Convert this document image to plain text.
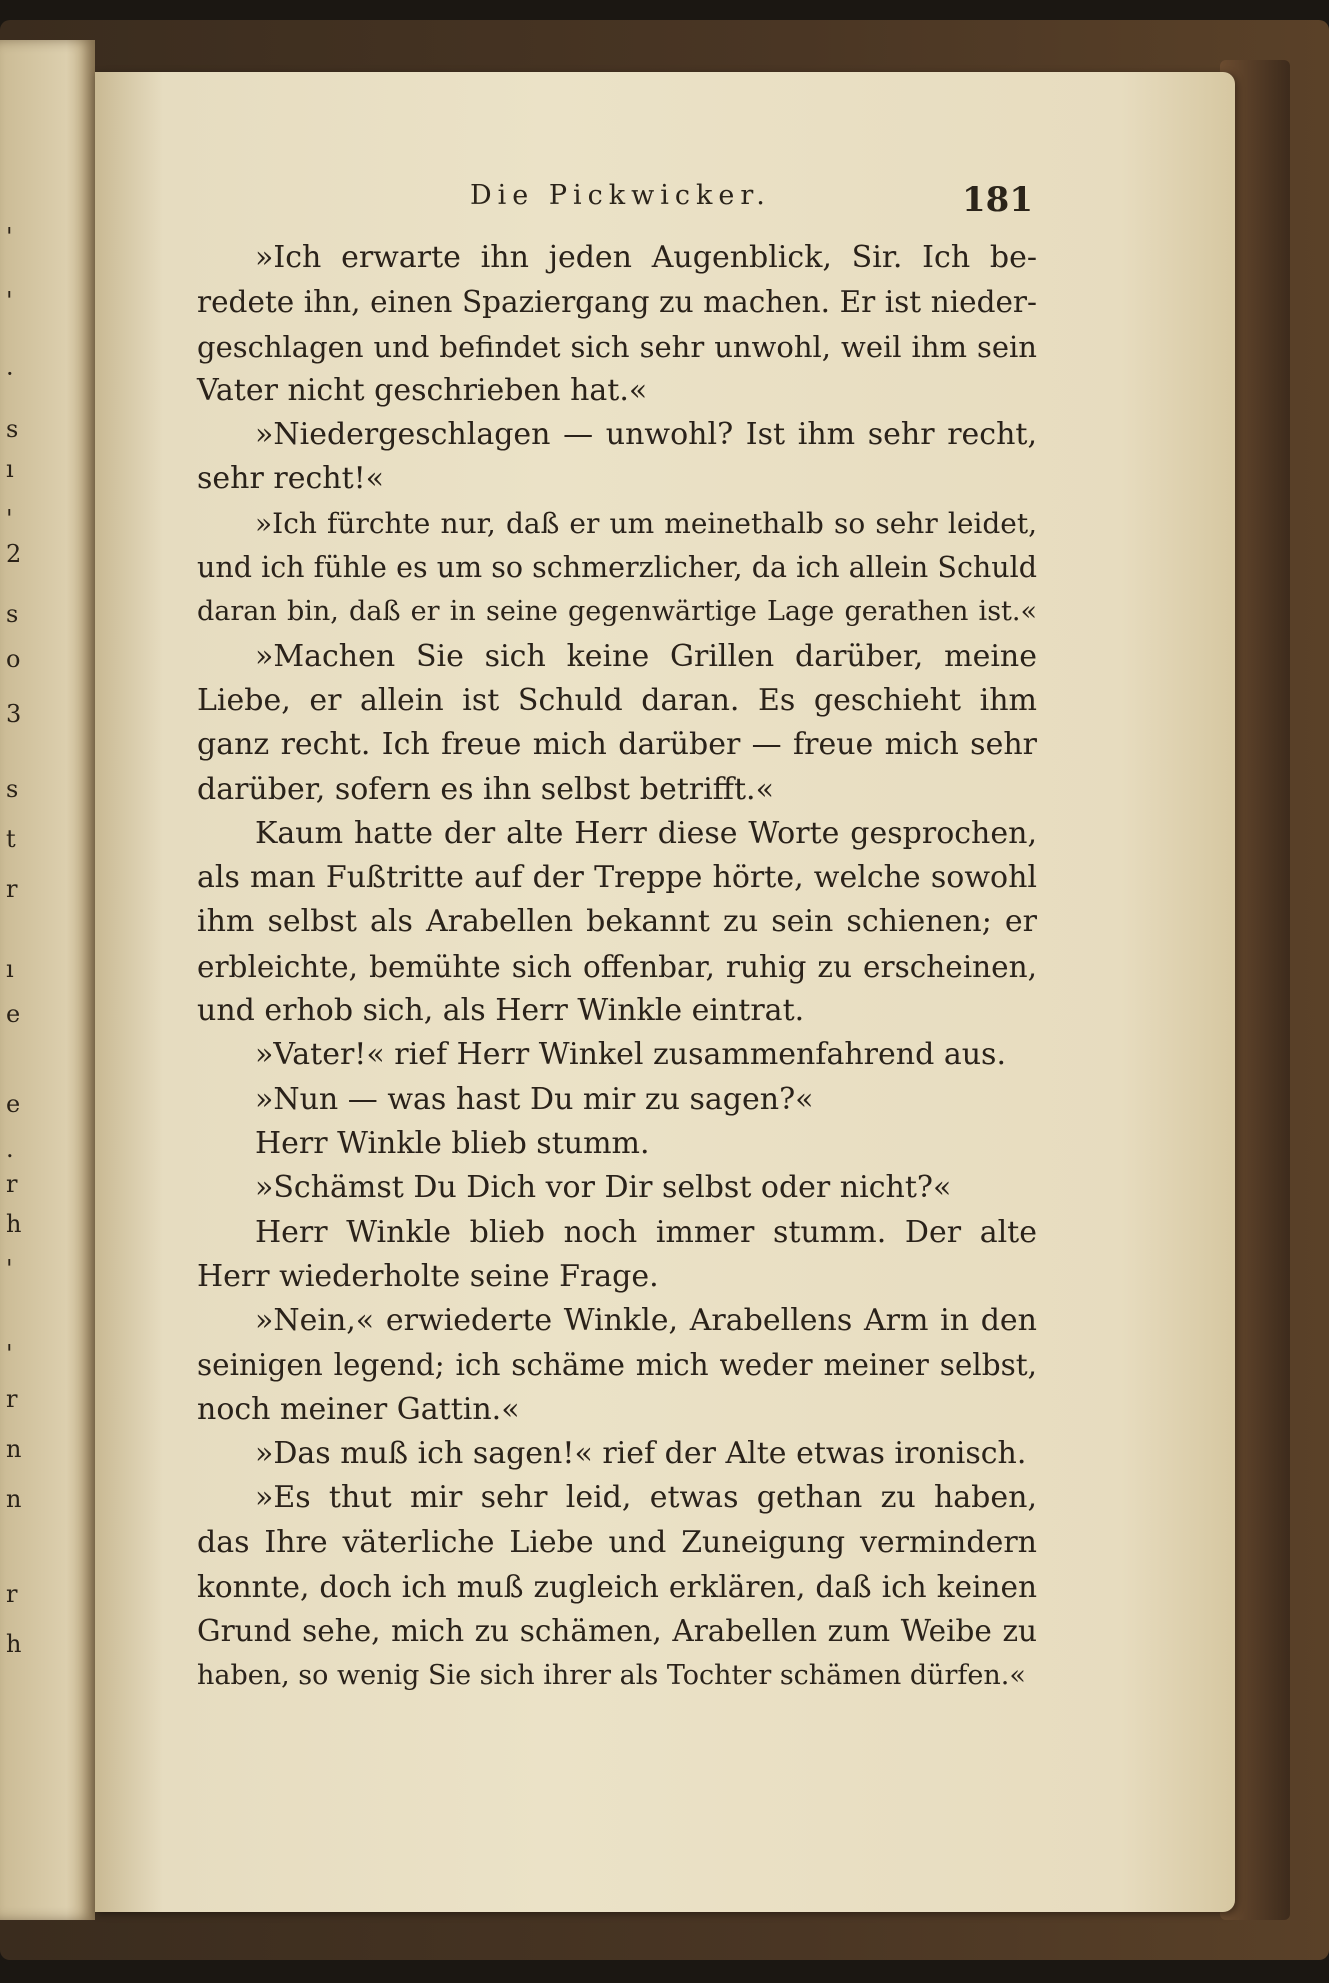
'
'
·
s
ı
'
2
s
o
3
s
t
r
ı
e
e
.
r
h
'
'
r
n
n
r
h
Die Pickwicker.	181
»Ich erwarte ihn jeden Augenblick, Sir. Ich be-
redete ihn, einen Spaziergang zu machen. Er ist nieder-
geschlagen und befindet sich sehr unwohl, weil ihm sein
Vater nicht geschrieben hat.«
»Niedergeschlagen — unwohl? Ist ihm sehr recht,
sehr recht!«
»Ich fürchte nur, daß er um meinethalb so sehr leidet,
und ich fühle es um so schmerzlicher, da ich allein Schuld
daran bin, daß er in seine gegenwärtige Lage gerathen ist.«
»Machen Sie sich keine Grillen darüber, meine
Liebe, er allein ist Schuld daran. Es geschieht ihm
ganz recht. Ich freue mich darüber — freue mich sehr
darüber, sofern es ihn selbst betrifft.«
Kaum hatte der alte Herr diese Worte gesprochen,
als man Fußtritte auf der Treppe hörte, welche sowohl
ihm selbst als Arabellen bekannt zu sein schienen; er
erbleichte, bemühte sich offenbar, ruhig zu erscheinen,
und erhob sich, als Herr Winkle eintrat.
»Vater!« rief Herr Winkel zusammenfahrend aus.
»Nun — was hast Du mir zu sagen?«
Herr Winkle blieb stumm.
»Schämst Du Dich vor Dir selbst oder nicht?«
Herr Winkle blieb noch immer stumm. Der alte
Herr wiederholte seine Frage.
»Nein,« erwiederte Winkle, Arabellens Arm in den
seinigen legend; ich schäme mich weder meiner selbst,
noch meiner Gattin.«
»Das muß ich sagen!« rief der Alte etwas ironisch.
»Es thut mir sehr leid, etwas gethan zu haben,
das Ihre väterliche Liebe und Zuneigung vermindern
konnte, doch ich muß zugleich erklären, daß ich keinen
Grund sehe, mich zu schämen, Arabellen zum Weibe zu
haben, so wenig Sie sich ihrer als Tochter schämen dürfen.«
